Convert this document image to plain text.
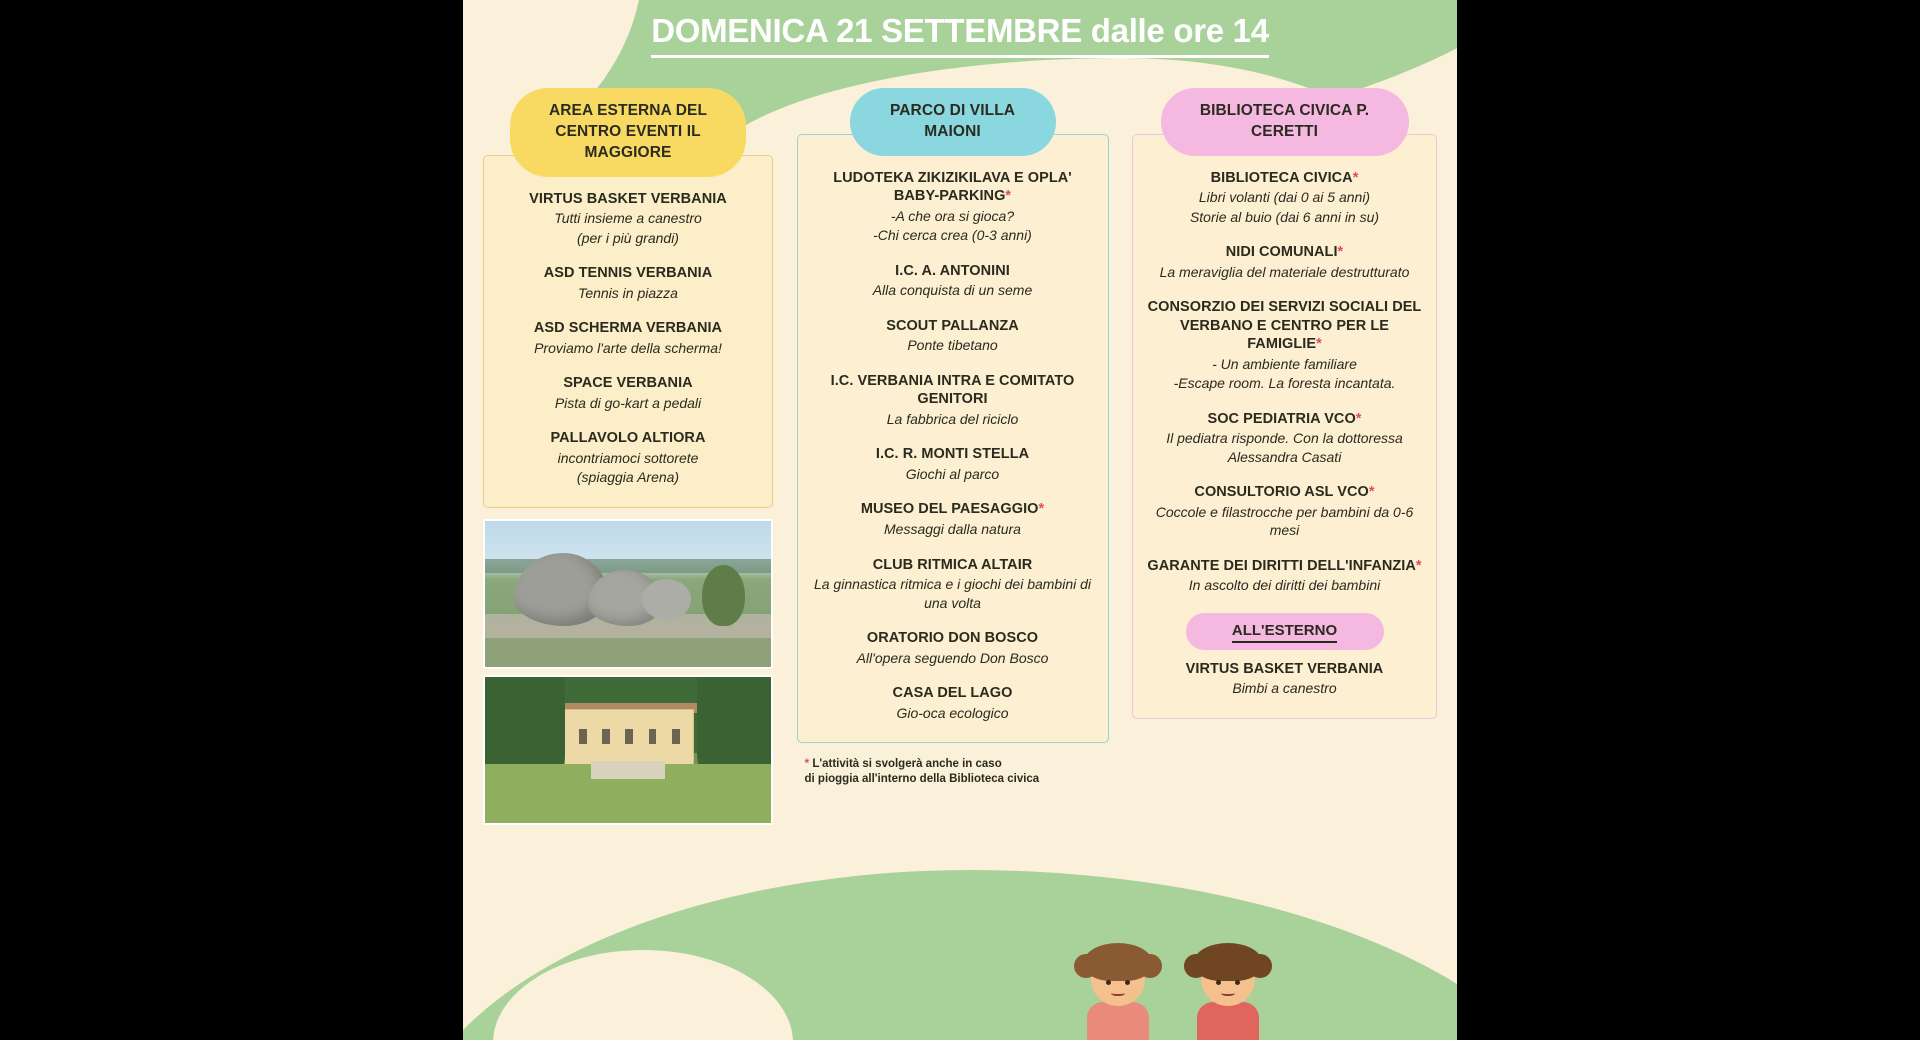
DOMENICA 21 SETTEMBRE dalle ore 14
AREA ESTERNA DEL CENTRO EVENTI IL MAGGIORE
VIRTUS BASKET VERBANIA
Tutti insieme a canestro
(per i più grandi)
ASD TENNIS VERBANIA
Tennis in piazza
ASD SCHERMA VERBANIA
Proviamo l'arte della scherma!
SPACE VERBANIA
Pista di go-kart a pedali
PALLAVOLO ALTIORA
incontriamoci sottorete
(spiaggia Arena)
PARCO DI VILLA MAIONI
LUDOTEKA ZIKIZIKILAVA E OPLA' BABY-PARKING*
-A che ora si gioca?
-Chi cerca crea (0-3 anni)
I.C. A. ANTONINI
Alla conquista di un seme
SCOUT PALLANZA
Ponte tibetano
I.C. VERBANIA INTRA E COMITATO GENITORI
La fabbrica del riciclo
I.C. R. MONTI STELLA
Giochi al parco
MUSEO DEL PAESAGGIO*
Messaggi dalla natura
CLUB RITMICA ALTAIR
La ginnastica ritmica e i giochi dei bambini di una volta
ORATORIO DON BOSCO
All'opera seguendo Don Bosco
CASA DEL LAGO
Gio-oca ecologico
* L'attività si svolgerà anche in caso
di pioggia all'interno della Biblioteca civica
BIBLIOTECA CIVICA P. CERETTI
BIBLIOTECA CIVICA*
Libri volanti (dai 0 ai 5 anni)
Storie al buio (dai 6 anni in su)
NIDI COMUNALI*
La meraviglia del materiale destrutturato
CONSORZIO DEI SERVIZI SOCIALI DEL VERBANO E CENTRO PER LE FAMIGLIE*
- Un ambiente familiare
-Escape room. La foresta incantata.
SOC PEDIATRIA VCO*
Il pediatra risponde. Con la dottoressa Alessandra Casati
CONSULTORIO ASL VCO*
Coccole e filastrocche per bambini da 0-6 mesi
GARANTE DEI DIRITTI DELL'INFANZIA*
In ascolto dei diritti dei bambini
ALL'ESTERNO
VIRTUS BASKET VERBANIA
Bimbi a canestro
